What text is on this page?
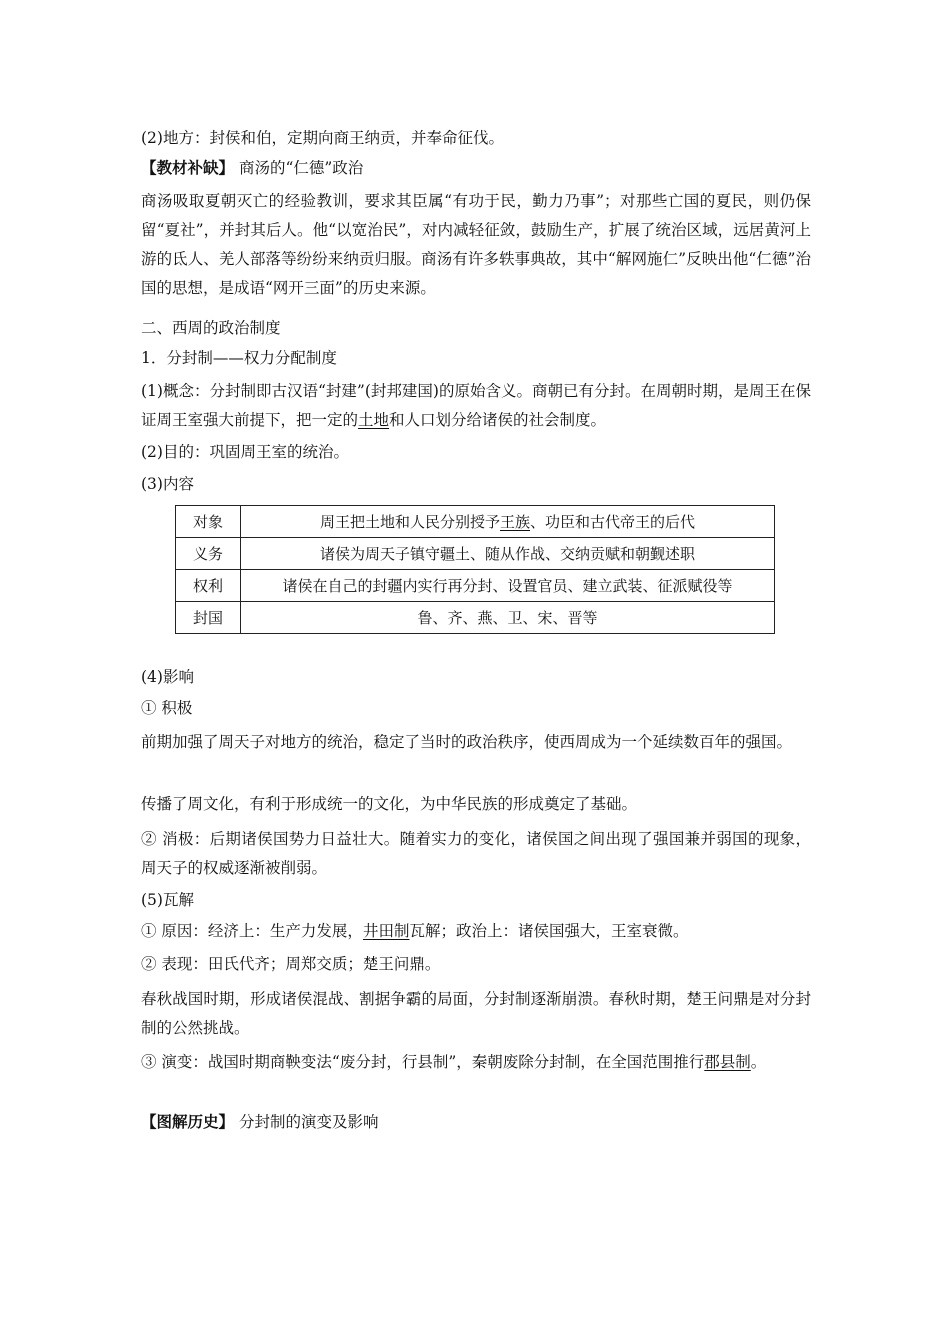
(2)地方：封侯和伯，定期向商王纳贡，并奉命征伐。
【教材补缺】 商汤的“仁德”政治
商汤吸取夏朝灭亡的经验教训，要求其臣属“有功于民，勤力乃事”；对那些亡国的夏民，则仍保留“夏社”，并封其后人。他“以宽治民”，对内减轻征敛，鼓励生产，扩展了统治区域，远居黄河上游的氐人、羌人部落等纷纷来纳贡归服。商汤有许多轶事典故，其中“解网施仁”反映出他“仁德”治国的思想，是成语“网开三面”的历史来源。
二、西周的政治制度
1．分封制——权力分配制度
(1)概念：分封制即古汉语“封建”(封邦建国)的原始含义。商朝已有分封。在周朝时期，是周王在保证周王室强大前提下，把一定的土地和人口划分给诸侯的社会制度。
(2)目的：巩固周王室的统治。
(3)内容
对象	周王把土地和人民分别授予王族、功臣和古代帝王的后代
义务	诸侯为周天子镇守疆土、随从作战、交纳贡赋和朝觐述职
权利	诸侯在自己的封疆内实行再分封、设置官员、建立武装、征派赋役等
封国	鲁、齐、燕、卫、宋、晋等
(4)影响
① 积极
前期加强了周天子对地方的统治，稳定了当时的政治秩序，使西周成为一个延续数百年的强国。
传播了周文化，有利于形成统一的文化，为中华民族的形成奠定了基础。
② 消极：后期诸侯国势力日益壮大。随着实力的变化，诸侯国之间出现了强国兼并弱国的现象，周天子的权威逐渐被削弱。
(5)瓦解
① 原因：经济上：生产力发展，井田制瓦解；政治上：诸侯国强大，王室衰微。
② 表现：田氏代齐；周郑交质；楚王问鼎。
春秋战国时期，形成诸侯混战、割据争霸的局面，分封制逐渐崩溃。春秋时期，楚王问鼎是对分封制的公然挑战。
③ 演变：战国时期商鞅变法“废分封，行县制”，秦朝废除分封制，在全国范围推行郡县制。
【图解历史】 分封制的演变及影响
